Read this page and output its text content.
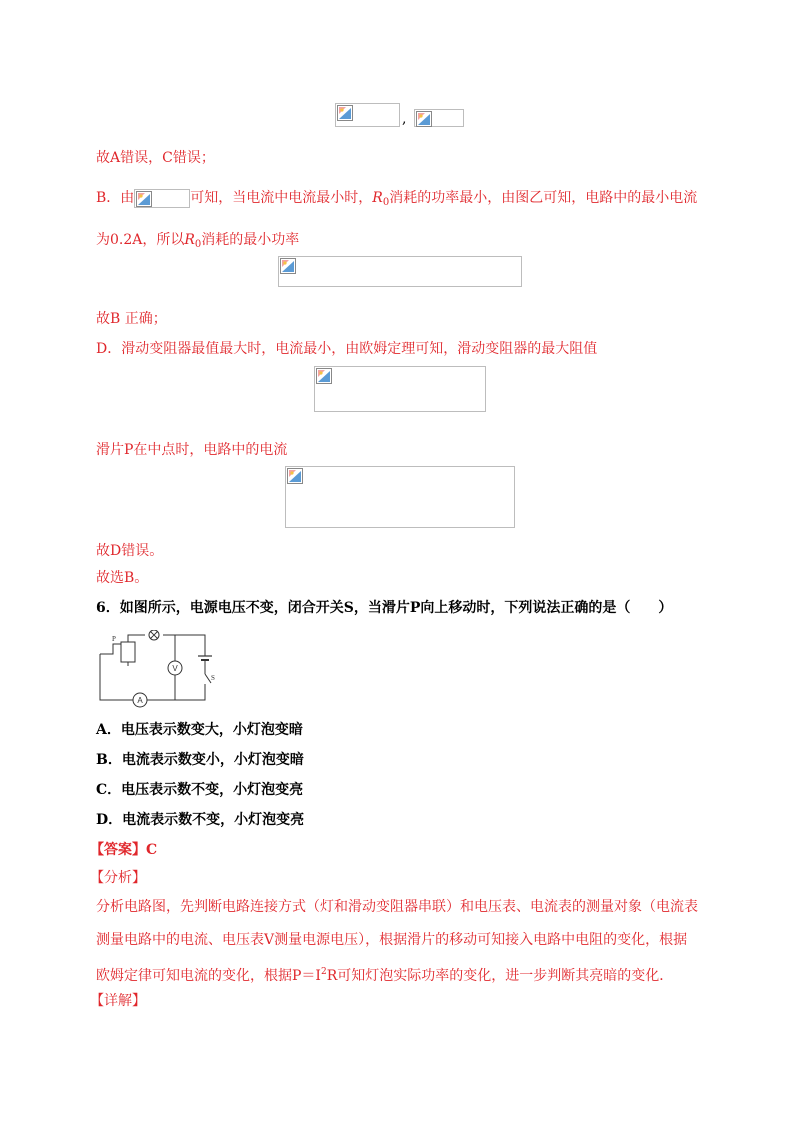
,
故A错误，C错误；
B．由	可知，当电流中电流最小时，$R_0$消耗的功率最小，由图乙可知，电路中的最小电流
为0.2A，所以$R_0$消耗的最小功率
故B 正确；
D．滑动变阻器最值最大时，电流最小，由欧姆定理可知，滑动变阻器的最大阻值
滑片P在中点时，电路中的电流
故D错误。
故选B。
6．如图所示，电源电压不变，闭合开关S，当滑片P向上移动时，下列说法正确的是（　　）
V
A
P
S
A．电压表示数变大，小灯泡变暗
B．电流表示数变小，小灯泡变暗
C．电压表示数不变，小灯泡变亮
D．电流表示数不变，小灯泡变亮
【答案】C
【分析】
分析电路图，先判断电路连接方式（灯和滑动变阻器串联）和电压表、电流表的测量对象（电流表
测量电路中的电流、电压表V测量电源电压），根据滑片的移动可知接入电路中电阻的变化，根据
欧姆定律可知电流的变化，根据$P=I^2R$可知灯泡实际功率的变化，进一步判断其亮暗的变化．
【详解】
